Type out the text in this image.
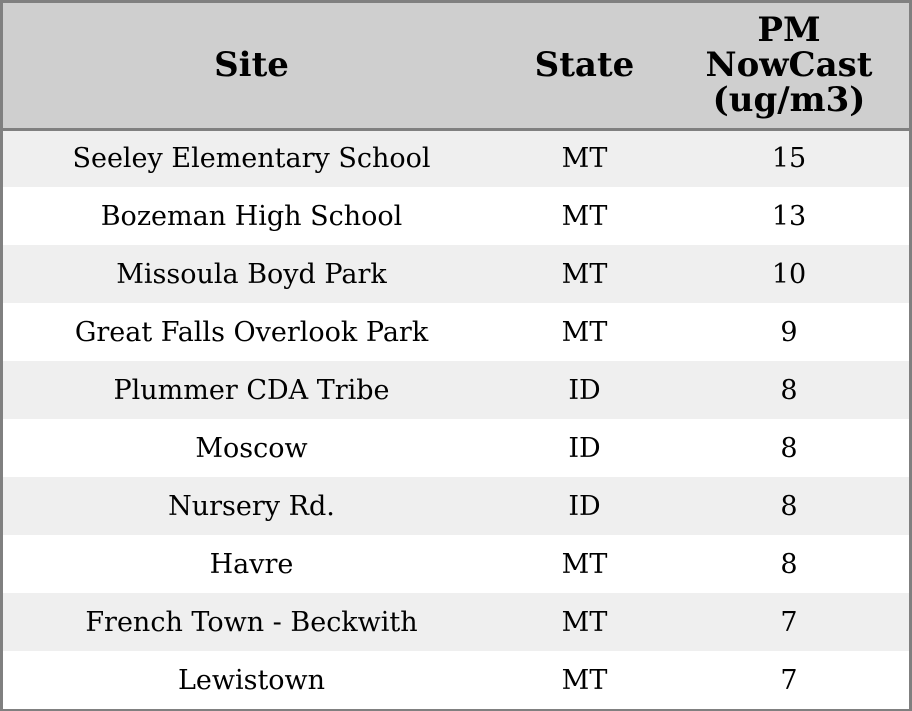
Site	State	PM
NowCast
(ug/m3)

Seeley Elementary School	MT	15
Bozeman High School	MT	13
Missoula Boyd Park	MT	10
Great Falls Overlook Park	MT	9
Plummer CDA Tribe	ID	8
Moscow	ID	8
Nursery Rd.	ID	8
Havre	MT	8
French Town - Beckwith	MT	7
Lewistown	MT	7
